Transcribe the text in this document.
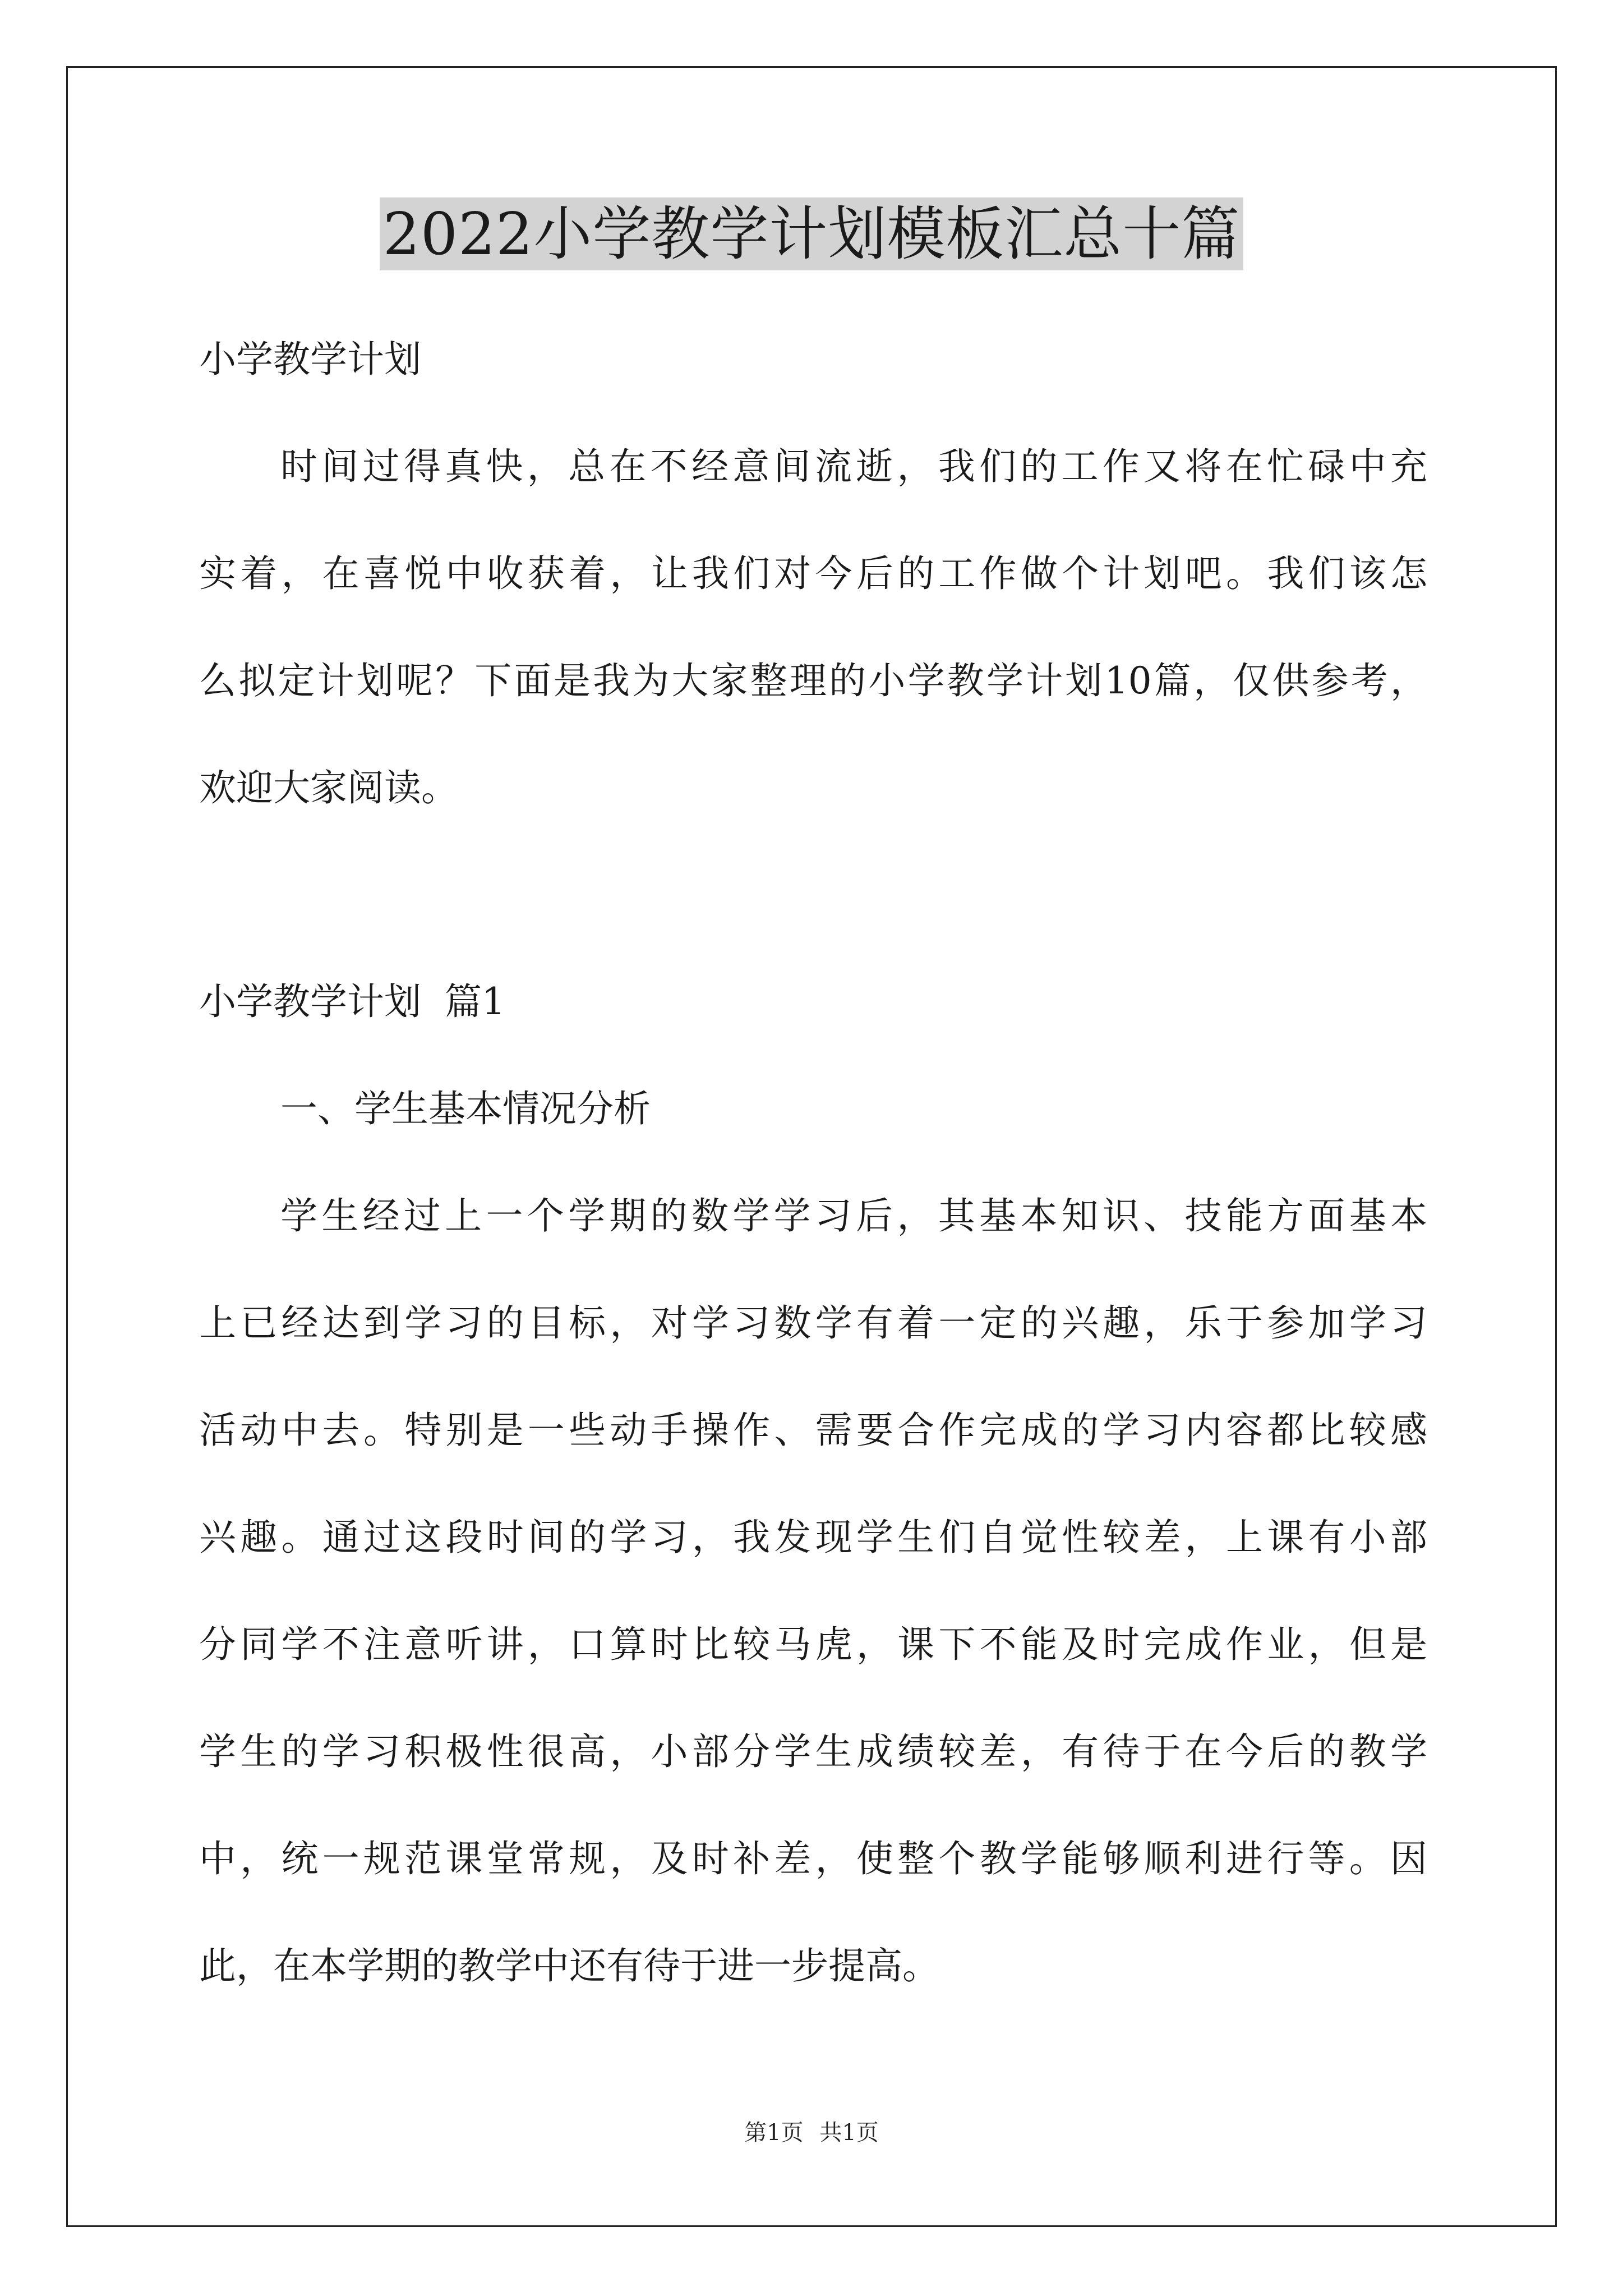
2022小学教学计划模板汇总十篇
小学教学计划
时间过得真快，总在不经意间流逝，我们的工作又将在忙碌中充
实着，在喜悦中收获着，让我们对今后的工作做个计划吧。我们该怎
么拟定计划呢？下面是我为大家整理的小学教学计划10篇，仅供参考，
欢迎大家阅读。
小学教学计划  篇1
一、学生基本情况分析
学生经过上一个学期的数学学习后，其基本知识、技能方面基本
上已经达到学习的目标，对学习数学有着一定的兴趣，乐于参加学习
活动中去。特别是一些动手操作、需要合作完成的学习内容都比较感
兴趣。通过这段时间的学习，我发现学生们自觉性较差，上课有小部
分同学不注意听讲，口算时比较马虎，课下不能及时完成作业，但是
学生的学习积极性很高，小部分学生成绩较差，有待于在今后的教学
中，统一规范课堂常规，及时补差，使整个教学能够顺利进行等。因
此，在本学期的教学中还有待于进一步提高。
第1页 共1页
